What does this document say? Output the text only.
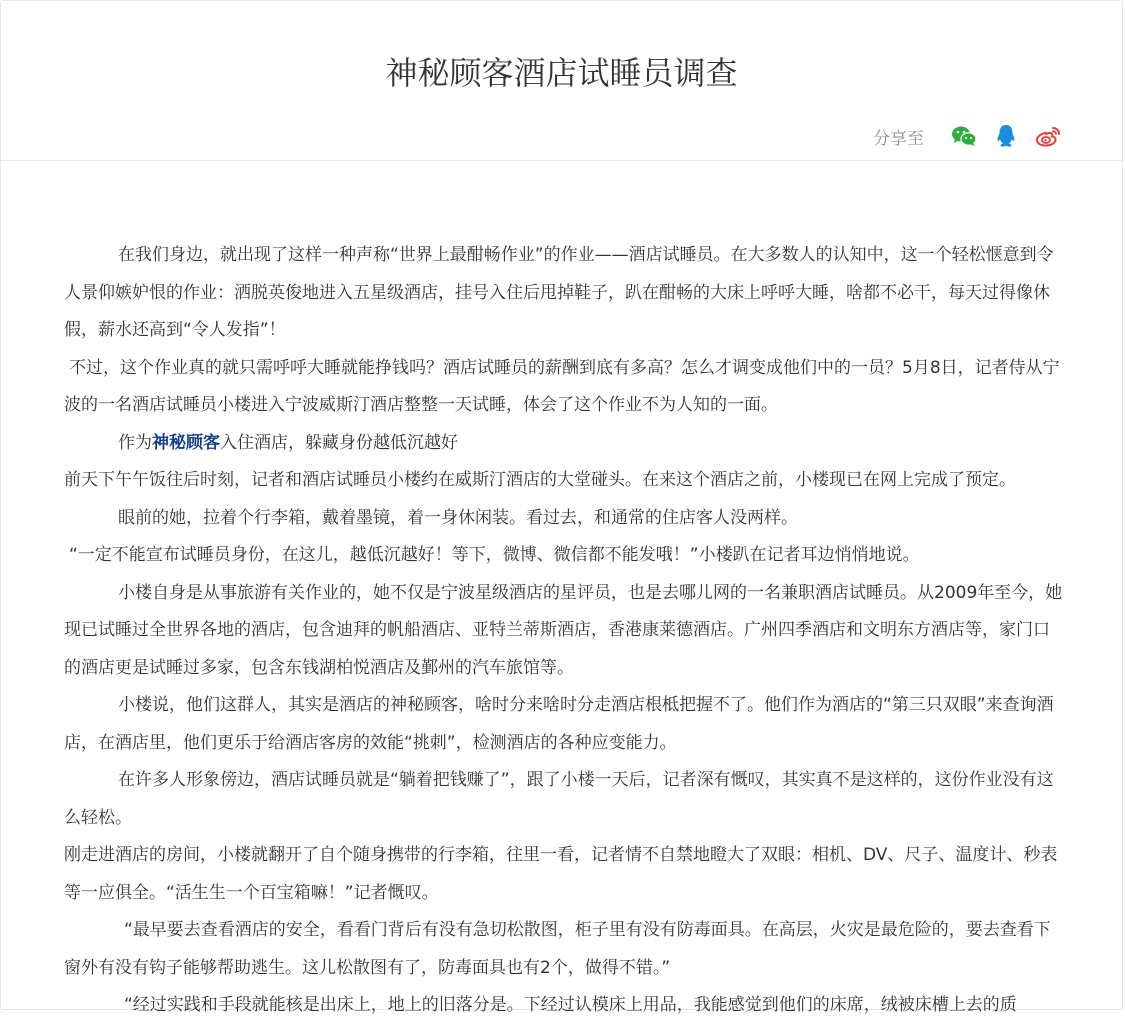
神秘顾客酒店试睡员调查
分享至

在我们身边，就出现了这样一种声称“世界上最酣畅作业”的作业——酒店试睡员。在大多数人的认知中，这一个轻松惬意到令人景仰嫉妒恨的作业：洒脱英俊地进入五星级酒店，挂号入住后甩掉鞋子，趴在酣畅的大床上呼呼大睡，啥都不必干，每天过得像休假，薪水还高到“令人发指”！

不过，这个作业真的就只需呼呼大睡就能挣钱吗？酒店试睡员的薪酬到底有多高？怎么才调变成他们中的一员？5月8日，记者侍从宁波的一名酒店试睡员小楼进入宁波威斯汀酒店整整一天试睡，体会了这个作业不为人知的一面。

作为神秘顾客入住酒店，躲藏身份越低沉越好

前天下午午饭往后时刻，记者和酒店试睡员小楼约在威斯汀酒店的大堂碰头。在来这个酒店之前，小楼现已在网上完成了预定。

眼前的她，拉着个行李箱，戴着墨镜，着一身休闲装。看过去，和通常的住店客人没两样。

“一定不能宣布试睡员身份，在这儿，越低沉越好！等下，微博、微信都不能发哦！”小楼趴在记者耳边悄悄地说。

小楼自身是从事旅游有关作业的，她不仅是宁波星级酒店的星评员，也是去哪儿网的一名兼职酒店试睡员。从2009年至今，她现已试睡过全世界各地的酒店，包含迪拜的帆船酒店、亚特兰蒂斯酒店，香港康莱德酒店。广州四季酒店和文明东方酒店等，家门口的酒店更是试睡过多家，包含东钱湖柏悦酒店及鄞州的汽车旅馆等。

小楼说，他们这群人，其实是酒店的神秘顾客，啥时分来啥时分走酒店根柢把握不了。他们作为酒店的“第三只双眼”来查询酒店，在酒店里，他们更乐于给酒店客房的效能“挑刺”，检测酒店的各种应变能力。

在许多人形象傍边，酒店试睡员就是“躺着把钱赚了”，跟了小楼一天后，记者深有慨叹，其实真不是这样的，这份作业没有这么轻松。

刚走进酒店的房间，小楼就翻开了自个随身携带的行李箱，往里一看，记者情不自禁地瞪大了双眼：相机、DV、尺子、温度计、秒表等一应俱全。“活生生一个百宝箱嘛！”记者慨叹。

“最早要去查看酒店的安全，看看门背后有没有急切松散图，柜子里有没有防毒面具。在高层，火灾是最危险的，要去查看下窗外有没有钩子能够帮助逃生。这儿松散图有了，防毒面具也有2个，做得不错。”

“经过实践和手段就能核是出床上，地上的旧落分是。下经过认模床上用品，我能感觉到他们的床席，绒被床槽上去的质
